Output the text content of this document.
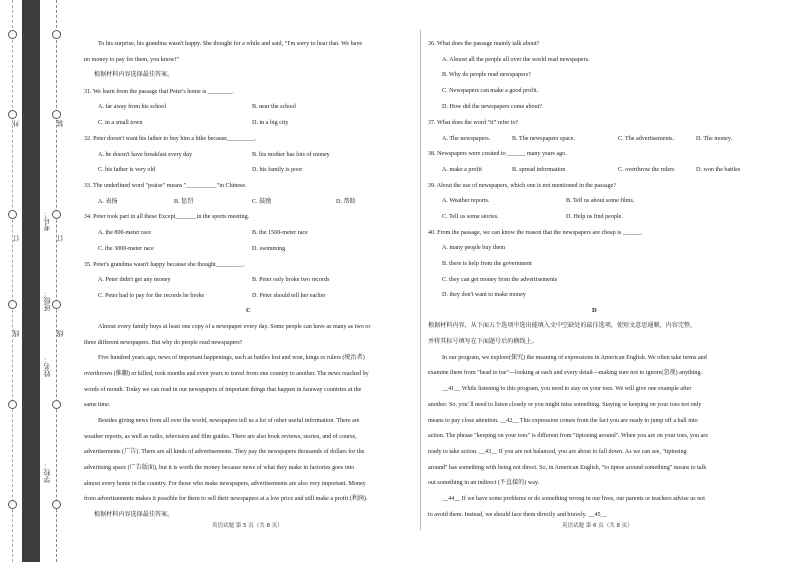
装
订
线
外
订
线
学校：
姓名：
班级：
考号：
To his surprise, his grandma wasn't happy. She thought for a while and said, “I'm sorry to hear that. We have
no money to pay for them, you know!”
根据材料内容选择最佳答案。
31. We learn from the passage that Peter's home is ________.
A. far away from his school	B. near the school
C. in a small town	D. in a big city
32. Peter doesn't want his father to buy him a bike because_________.
A. he doesn't have breakfast every day	B. his mother has lots of money
C. his father is very old	D. his family is poor
33. The underlined word "praise" means "__________"in Chinese.
A. 表扬	B. 惩罚	C. 鼓励	D. 帮助
34. Peter took part in all these Except_______in the sports meeting.
A. the 800-meter race	B. the 1500-meter race
C. the 3000-meter race	D. swimming
35. Peter's grandma wasn't happy because she thought_________.
A. Peter didn't get any money	B. Peter only broke two records
C. Peter had to pay for the records he broke	D. Peter should tell her earlier
C
Almost every family buys at least one copy of a newspaper every day. Some people can have as many as two or
three different newspapers. But why do people read newspapers?
Five hundred years ago, news of important happenings, such as battles lost and won, kings or rulers (统治者)
overthrown (推翻) or killed, took months and even years to travel from one country to another. The news reached by
words of mouth. Today we can read in our newspapers of important things that happen in faraway countries at the
same time.
Besides giving news from all over the world, newspapers tell us a lot of other useful information. There are
weather reports, as well as radio, television and film guides. There are also book reviews, stories, and of course,
advertisements (广告). There are all kinds of advertisements. They pay the newspapers thousands of dollars for the
advertising space (广告版面), but it is worth the money because news of what they make in factories goes into
almost every home in the country. For those who make newspapers, advertisements are also very important. Money
from advertisements makes it possible for them to sell their newspapers at a low price and still make a profit (利润).
根据材料内容选择最佳答案。
英语试题 第 5 页（共 8 页）
36. What does the passage mainly talk about?
A. Almost all the people all over the world read newspapers.
B. Why do people read newspapers?
C. Newspapers can make a good profit.
D. How did the newspapers come about?
37. What does the word “it” refer to?
A. The newspapers.	B. The newspapers space.	C. The advertisements.	D. The money.
38. Newspapers were created to ______ many years ago.
A. make a profit	B. spread information	C. overthrow the rulers	D. won the battles
39. About the use of newspapers, which one is not mentioned in the passage?
A. Weather reports.	B. Tell us about some films.
C. Tell us some stories.	D. Help us find people.
40. From the passage, we can know the reason that the newspapers are cheap is ______.
A. many people buy them
B. there is help from the government
C. they can get money from the advertisements
D. they don't want to make money
D
根据材料内容，从下面五个选项中选出能填入文中空缺处的最佳选项，使短文意思通顺、内容完整，
并将其标号填写在下面题号后的横线上。
In our program, we explore(探究) the meaning of expressions in American English. We often take terms and
examine them from "head to toe"—looking at each and every detail—making sure not to ignore(忽视) anything.
__41__ While listening to this program, you need to stay on your toes. We will give one example after
another. So, you' ll need to listen closely or you might miss something. Staying or keeping on your toes not only
means to pay close attention. __42__ This expression comes from the fact you are ready to jump off a ball into
action. The phrase "keeping on your toes" is different from "tiptoeing around". When you are on your toes, you are
ready to take action. __43__ If you are not balanced, you are about to fall down. As we can see, "tiptoeing
around" has something with being not direct. So, in American English, "to tiptoe around something" means to talk
out something in an indirect (不直接的) way.
__44__ If we have some problems or do something wrong in our lives, our parents or teachers advise us not
to avoid them. Instead, we should face them directly and bravely. __45__
英语试题 第 6 页（共 8 页）
